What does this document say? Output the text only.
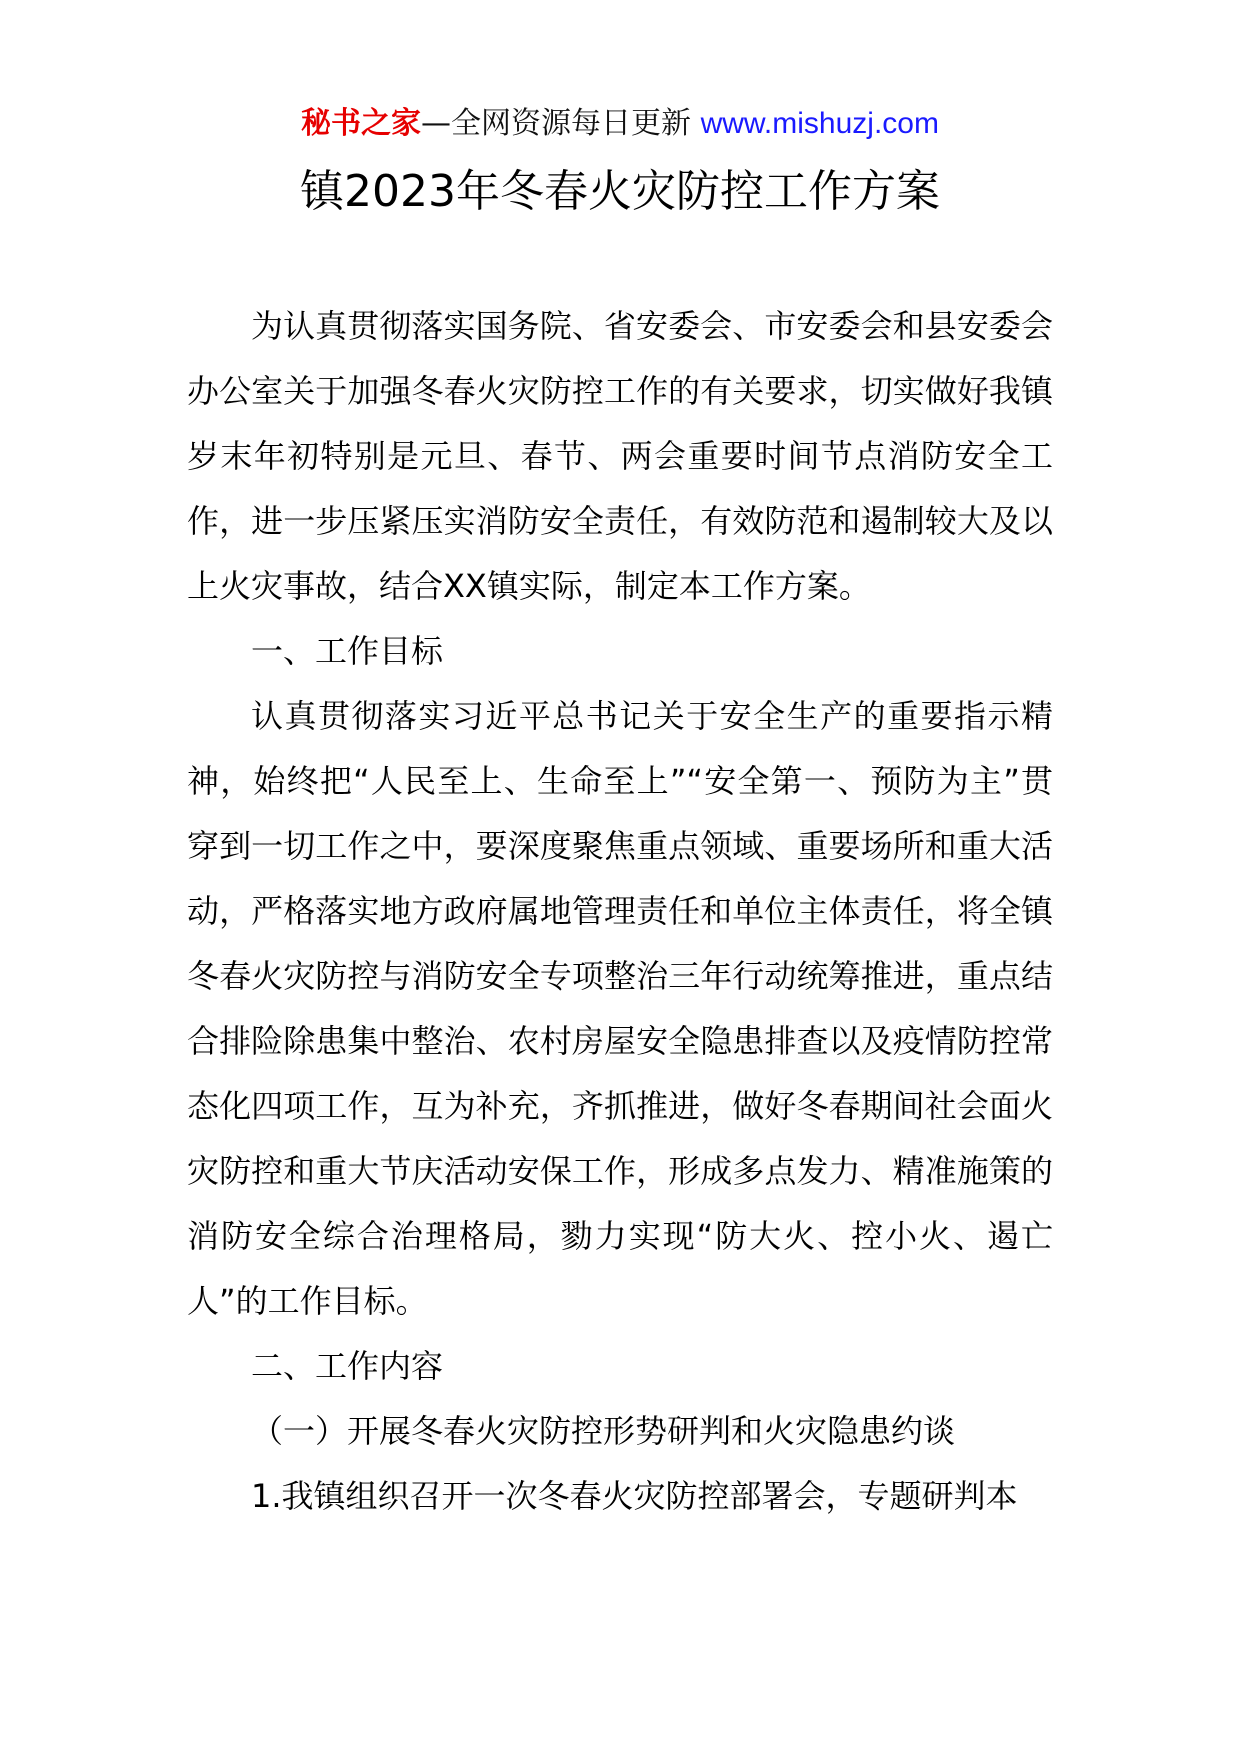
秘书之家—全网资源每日更新 www.mishuzj.com
镇2023年冬春火灾防控工作方案

为认真贯彻落实国务院、省安委会、市安委会和县安委会办公室关于加强冬春火灾防控工作的有关要求，切实做好我镇岁末年初特别是元旦、春节、两会重要时间节点消防安全工作，进一步压紧压实消防安全责任，有效防范和遏制较大及以上火灾事故，结合XX镇实际，制定本工作方案。

一、工作目标

认真贯彻落实习近平总书记关于安全生产的重要指示精神，始终把“人民至上、生命至上”“安全第一、预防为主”贯穿到一切工作之中，要深度聚焦重点领域、重要场所和重大活动，严格落实地方政府属地管理责任和单位主体责任，将全镇冬春火灾防控与消防安全专项整治三年行动统筹推进，重点结合排险除患集中整治、农村房屋安全隐患排查以及疫情防控常态化四项工作，互为补充，齐抓推进，做好冬春期间社会面火灾防控和重大节庆活动安保工作，形成多点发力、精准施策的消防安全综合治理格局，勠力实现“防大火、控小火、遏亡人”的工作目标。

二、工作内容

（一）开展冬春火灾防控形势研判和火灾隐患约谈

1.我镇组织召开一次冬春火灾防控部署会，专题研判本
